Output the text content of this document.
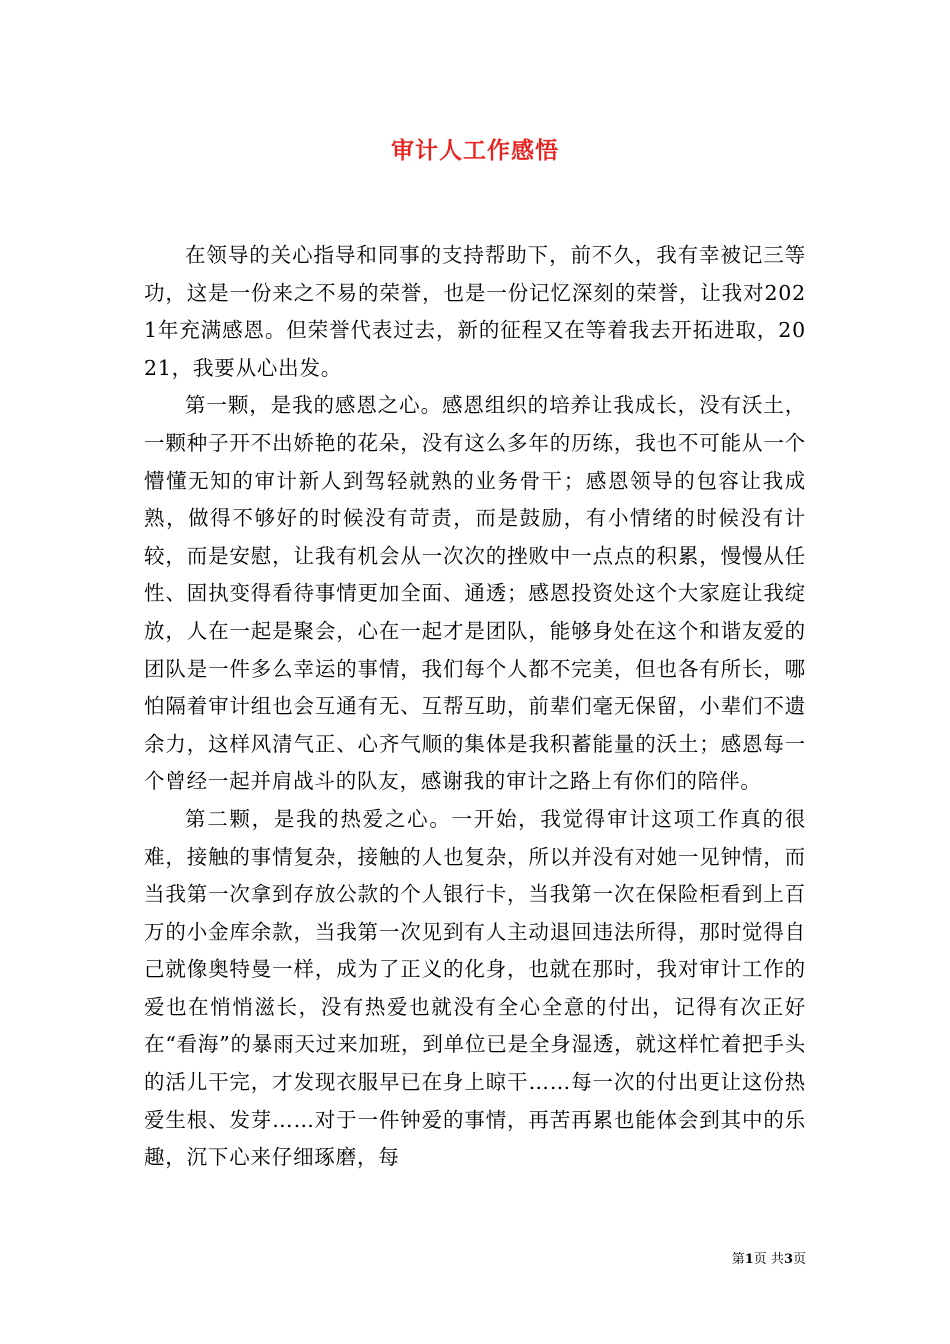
审计人工作感悟

在领导的关心指导和同事的支持帮助下，前不久，我有幸被记三等功，这是一份来之不易的荣誉，也是一份记忆深刻的荣誉，让我对2021年充满感恩。但荣誉代表过去，新的征程又在等着我去开拓进取，2021，我要从心出发。

第一颗，是我的感恩之心。感恩组织的培养让我成长，没有沃土，一颗种子开不出娇艳的花朵，没有这么多年的历练，我也不可能从一个懵懂无知的审计新人到驾轻就熟的业务骨干；感恩领导的包容让我成熟，做得不够好的时候没有苛责，而是鼓励，有小情绪的时候没有计较，而是安慰，让我有机会从一次次的挫败中一点点的积累，慢慢从任性、固执变得看待事情更加全面、通透；感恩投资处这个大家庭让我绽放，人在一起是聚会，心在一起才是团队，能够身处在这个和谐友爱的团队是一件多么幸运的事情，我们每个人都不完美，但也各有所长，哪怕隔着审计组也会互通有无、互帮互助，前辈们毫无保留，小辈们不遗余力，这样风清气正、心齐气顺的集体是我积蓄能量的沃土；感恩每一个曾经一起并肩战斗的队友，感谢我的审计之路上有你们的陪伴。

第二颗，是我的热爱之心。一开始，我觉得审计这项工作真的很难，接触的事情复杂，接触的人也复杂，所以并没有对她一见钟情，而当我第一次拿到存放公款的个人银行卡，当我第一次在保险柜看到上百万的小金库余款，当我第一次见到有人主动退回违法所得，那时觉得自己就像奥特曼一样，成为了正义的化身，也就在那时，我对审计工作的爱也在悄悄滋长，没有热爱也就没有全心全意的付出，记得有次正好在“看海”的暴雨天过来加班，到单位已是全身湿透，就这样忙着把手头的活儿干完，才发现衣服早已在身上晾干……每一次的付出更让这份热爱生根、发芽……对于一件钟爱的事情，再苦再累也能体会到其中的乐趣，沉下心来仔细琢磨，每

第1页 共3页
